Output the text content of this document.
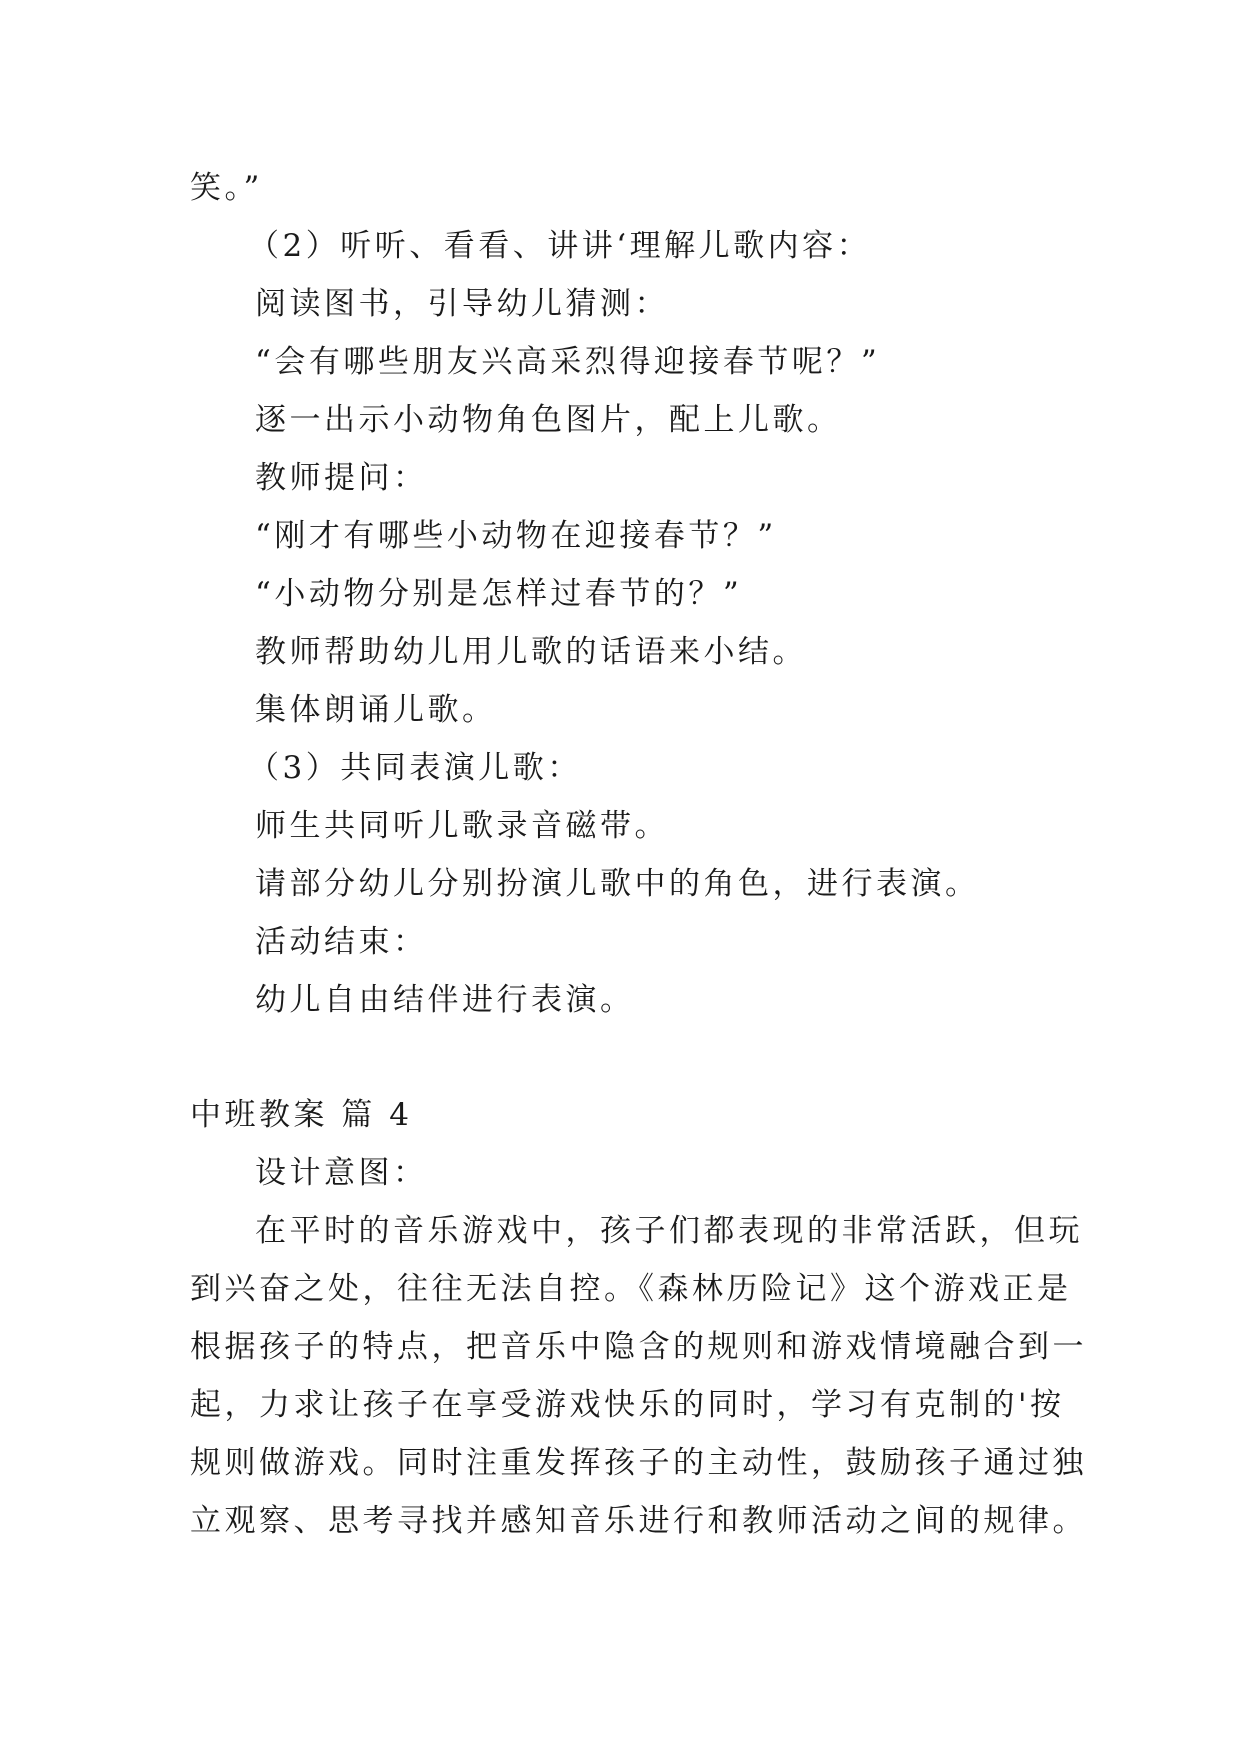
笑。”
（2）听听、看看、讲讲‘理解儿歌内容：
阅读图书，引导幼儿猜测：
“会有哪些朋友兴高采烈得迎接春节呢？”
逐一出示小动物角色图片，配上儿歌。
教师提问：
“刚才有哪些小动物在迎接春节？”
“小动物分别是怎样过春节的？”
教师帮助幼儿用儿歌的话语来小结。
集体朗诵儿歌。
（3）共同表演儿歌：
师生共同听儿歌录音磁带。
请部分幼儿分别扮演儿歌中的角色，进行表演。
活动结束：
幼儿自由结伴进行表演。
中班教案 篇 4
设计意图：
在平时的音乐游戏中，孩子们都表现的非常活跃，但玩
到兴奋之处，往往无法自控。《森林历险记》这个游戏正是
根据孩子的特点，把音乐中隐含的规则和游戏情境融合到一
起，力求让孩子在享受游戏快乐的同时，学习有克制的'按
规则做游戏。同时注重发挥孩子的主动性，鼓励孩子通过独
立观察、思考寻找并感知音乐进行和教师活动之间的规律。
